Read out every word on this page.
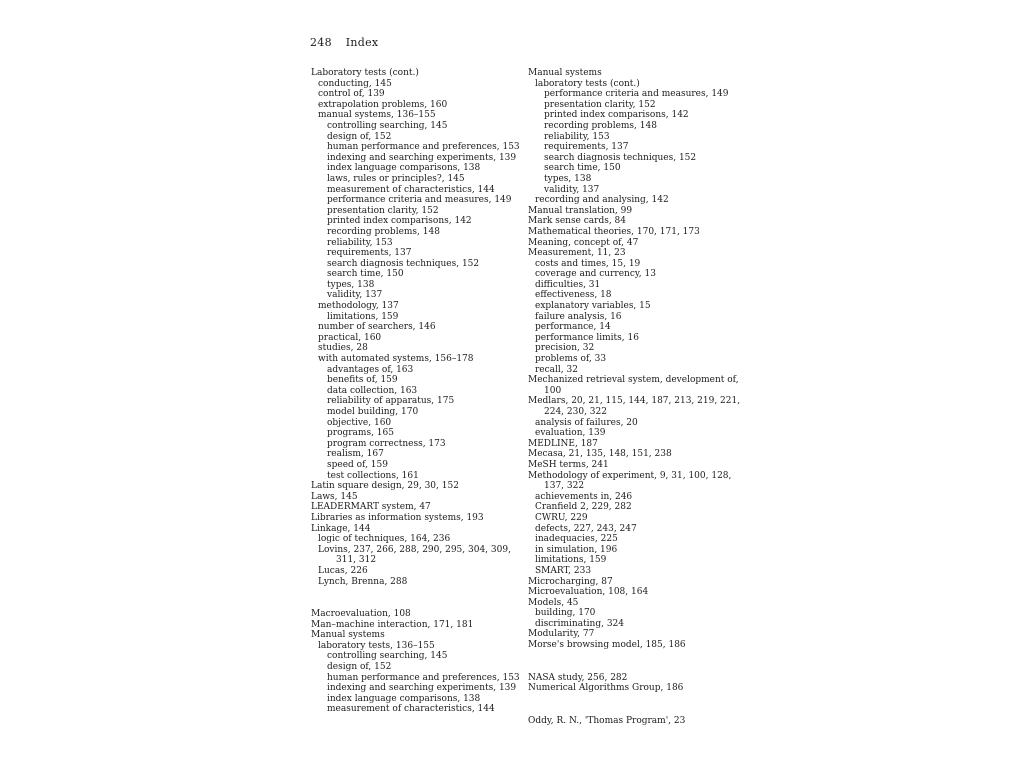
248 Index
Laboratory tests (cont.)
conducting, 145
control of, 139
extrapolation problems, 160
manual systems, 136–155
controlling searching, 145
design of, 152
human performance and preferences, 153
indexing and searching experiments, 139
index language comparisons, 138
laws, rules or principles?, 145
measurement of characteristics, 144
performance criteria and measures, 149
presentation clarity, 152
printed index comparisons, 142
recording problems, 148
reliability, 153
requirements, 137
search diagnosis techniques, 152
search time, 150
types, 138
validity, 137
methodology, 137
limitations, 159
number of searchers, 146
practical, 160
studies, 28
with automated systems, 156–178
advantages of, 163
benefits of, 159
data collection, 163
reliability of apparatus, 175
model building, 170
objective, 160
programs, 165
program correctness, 173
realism, 167
speed of, 159
test collections, 161
Latin square design, 29, 30, 152
Laws, 145
LEADERMART system, 47
Libraries as information systems, 193
Linkage, 144
logic of techniques, 164, 236
Lovins, 237, 266, 288, 290, 295, 304, 309,
311, 312
Lucas, 226
Lynch, Brenna, 288
Macroevaluation, 108
Man–machine interaction, 171, 181
Manual systems
laboratory tests, 136–155
controlling searching, 145
design of, 152
human performance and preferences, 153
indexing and searching experiments, 139
index language comparisons, 138
measurement of characteristics, 144
Manual systems
laboratory tests (cont.)
performance criteria and measures, 149
presentation clarity, 152
printed index comparisons, 142
recording problems, 148
reliability, 153
requirements, 137
search diagnosis techniques, 152
search time, 150
types, 138
validity, 137
recording and analysing, 142
Manual translation, 99
Mark sense cards, 84
Mathematical theories, 170, 171, 173
Meaning, concept of, 47
Measurement, 11, 23
costs and times, 15, 19
coverage and currency, 13
difficulties, 31
effectiveness, 18
explanatory variables, 15
failure analysis, 16
performance, 14
performance limits, 16
precision, 32
problems of, 33
recall, 32
Mechanized retrieval system, development of,
100
Medlars, 20, 21, 115, 144, 187, 213, 219, 221,
224, 230, 322
analysis of failures, 20
evaluation, 139
MEDLINE, 187
Mecasa, 21, 135, 148, 151, 238
MeSH terms, 241
Methodology of experiment, 9, 31, 100, 128,
137, 322
achievements in, 246
Cranfield 2, 229, 282
CWRU, 229
defects, 227, 243, 247
inadequacies, 225
in simulation, 196
limitations, 159
SMART, 233
Microcharging, 87
Microevaluation, 108, 164
Models, 45
building, 170
discriminating, 324
Modularity, 77
Morse's browsing model, 185, 186
NASA study, 256, 282
Numerical Algorithms Group, 186
Oddy, R. N., 'Thomas Program', 23
